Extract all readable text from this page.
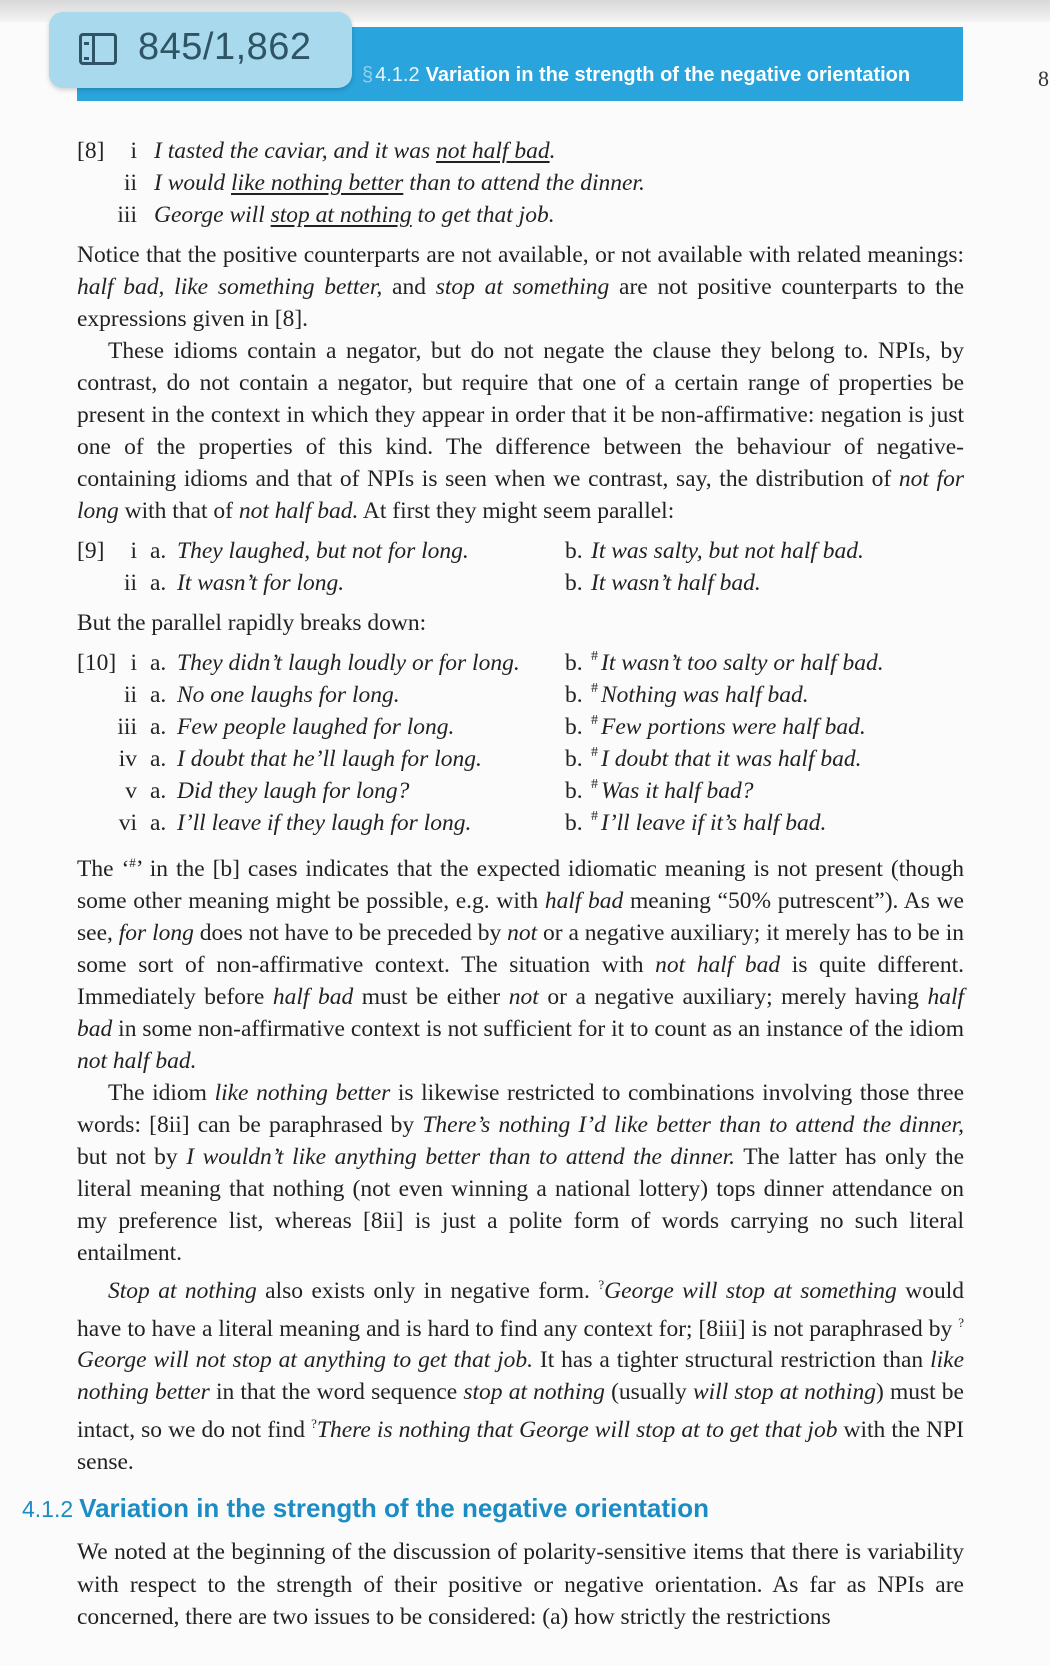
§ 4.1.2 Variation in the strength of the negative orientation	8
845/1,862
[8]	i I tasted the caviar, and it was not half bad.
ii I would like nothing better than to attend the dinner.
iii George will stop at nothing to get that job.

Notice that the positive counterparts are not available, or not available with related meanings: half bad, like something better, and stop at something are not positive counterparts to the expressions given in [8].

These idioms contain a negator, but do not negate the clause they belong to. NPIs, by contrast, do not contain a negator, but require that one of a certain range of properties be present in the context in which they appear in order that it be non-affirmative: negation is just one of the properties of this kind. The difference between the behaviour of negative-containing idioms and that of NPIs is seen when we contrast, say, the distribution of not for long with that of not half bad. At first they might seem parallel:

[9]	i a. They laughed, but not for long.	b. It was salty, but not half bad.
ii a. It wasn’t for long.	b. It wasn’t half bad.

But the parallel rapidly breaks down:

[10] i a. They didn’t laugh loudly or for long. b. # It wasn’t too salty or half bad.
ii a. No one laughs for long.	b. # Nothing was half bad.
iii a. Few people laughed for long.	b. # Few portions were half bad.
iv a. I doubt that he’ll laugh for long.	b. # I doubt that it was half bad.
v a. Did they laugh for long?	b. # Was it half bad?
vi a. I’ll leave if they laugh for long.	b. # I’ll leave if it’s half bad.

The ‘#’ in the [b] cases indicates that the expected idiomatic meaning is not present (though some other meaning might be possible, e.g. with half bad meaning “50% putrescent”). As we see, for long does not have to be preceded by not or a negative auxiliary; it merely has to be in some sort of non-affirmative context. The situation with not half bad is quite different. Immediately before half bad must be either not or a negative auxiliary; merely having half bad in some non-affirmative context is not sufficient for it to count as an instance of the idiom not half bad.

The idiom like nothing better is likewise restricted to combinations involving those three words: [8ii] can be paraphrased by There’s nothing I’d like better than to attend the dinner, but not by I wouldn’t like anything better than to attend the dinner. The latter has only the literal meaning that nothing (not even winning a national lottery) tops dinner attendance on my preference list, whereas [8ii] is just a polite form of words carrying no such literal entailment.

Stop at nothing also exists only in negative form. ?George will stop at something would have to have a literal meaning and is hard to find any context for; [8iii] is not paraphrased by ?George will not stop at anything to get that job. It has a tighter structural restriction than like nothing better in that the word sequence stop at nothing (usually will stop at nothing) must be intact, so we do not find ?There is nothing that George will stop at to get that job with the NPI sense.

4.1.2 Variation in the strength of the negative orientation

We noted at the beginning of the discussion of polarity-sensitive items that there is variability with respect to the strength of their positive or negative orientation. As far as NPIs are concerned, there are two issues to be considered: (a) how strictly the restrictions
